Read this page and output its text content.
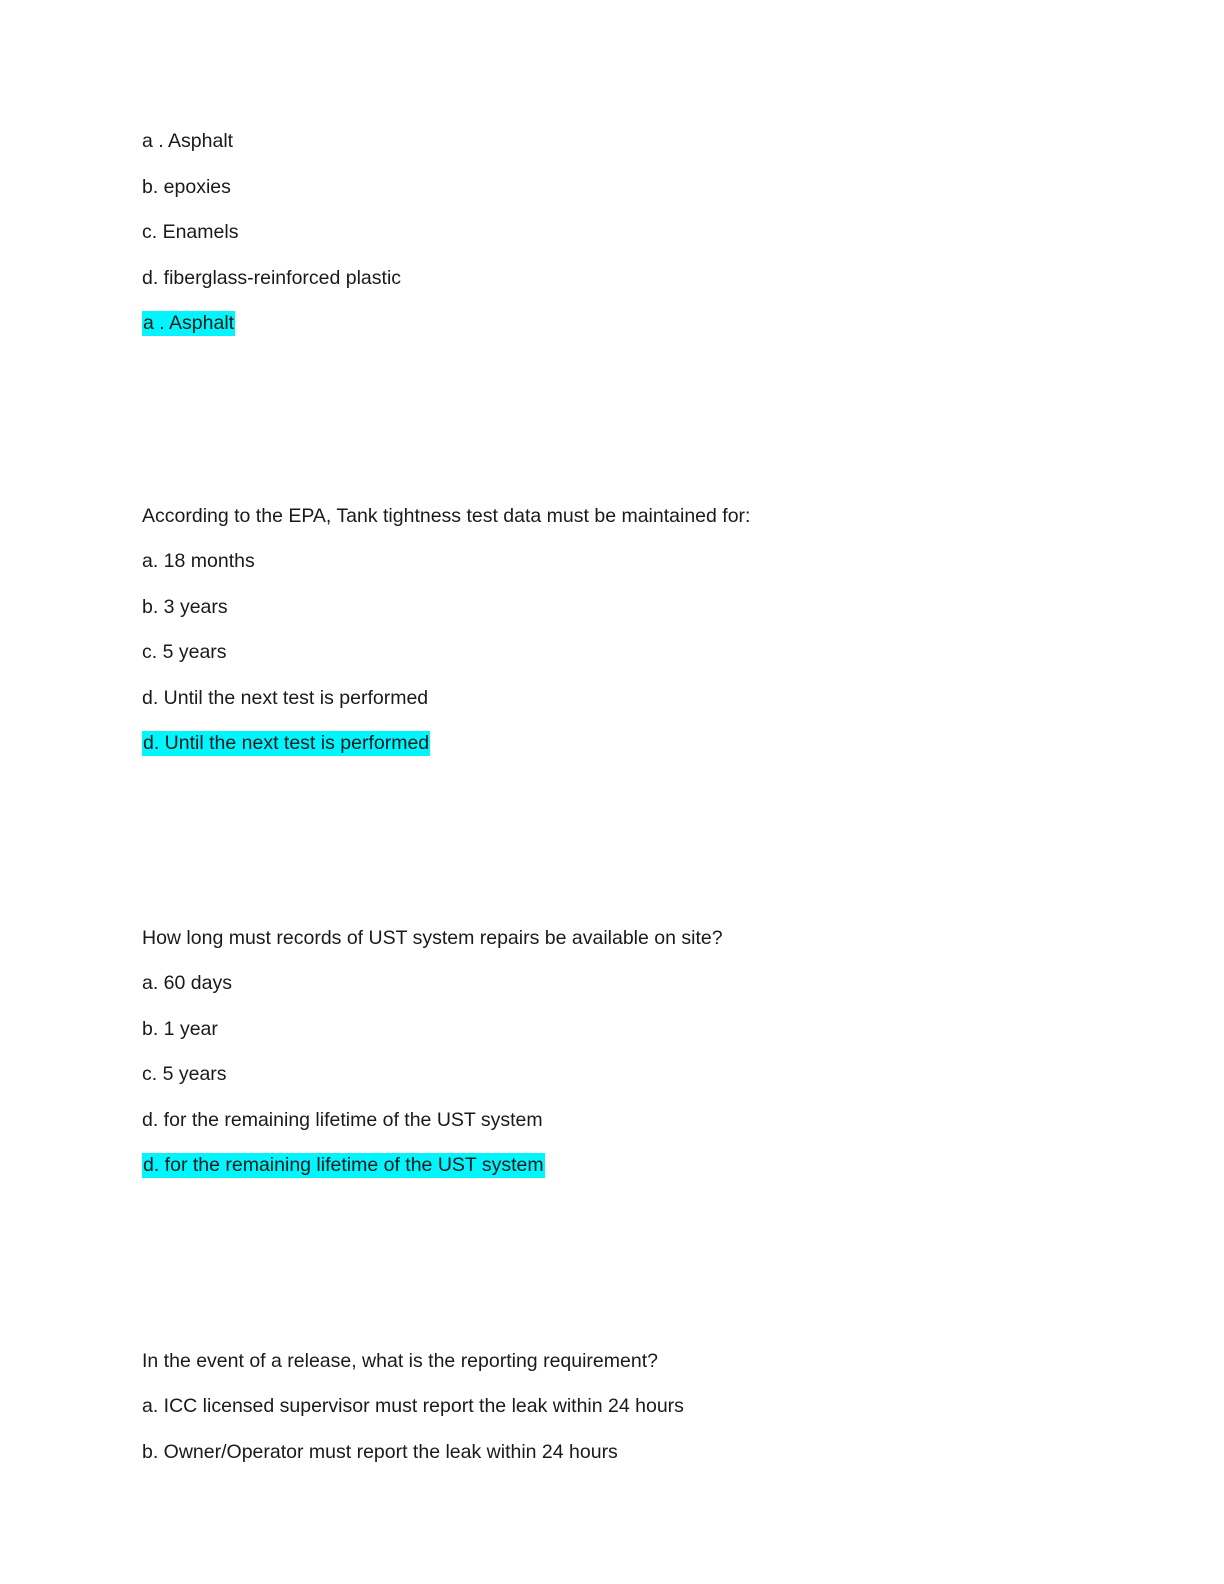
a . Asphalt
b. epoxies
c. Enamels
d. fiberglass-reinforced plastic
a . Asphalt
According to the EPA, Tank tightness test data must be maintained for:
a. 18 months
b. 3 years
c. 5 years
d. Until the next test is performed
d. Until the next test is performed
How long must records of UST system repairs be available on site?
a. 60 days
b. 1 year
c. 5 years
d. for the remaining lifetime of the UST system
d. for the remaining lifetime of the UST system
In the event of a release, what is the reporting requirement?
a. ICC licensed supervisor must report the leak within 24 hours
b. Owner/Operator must report the leak within 24 hours
